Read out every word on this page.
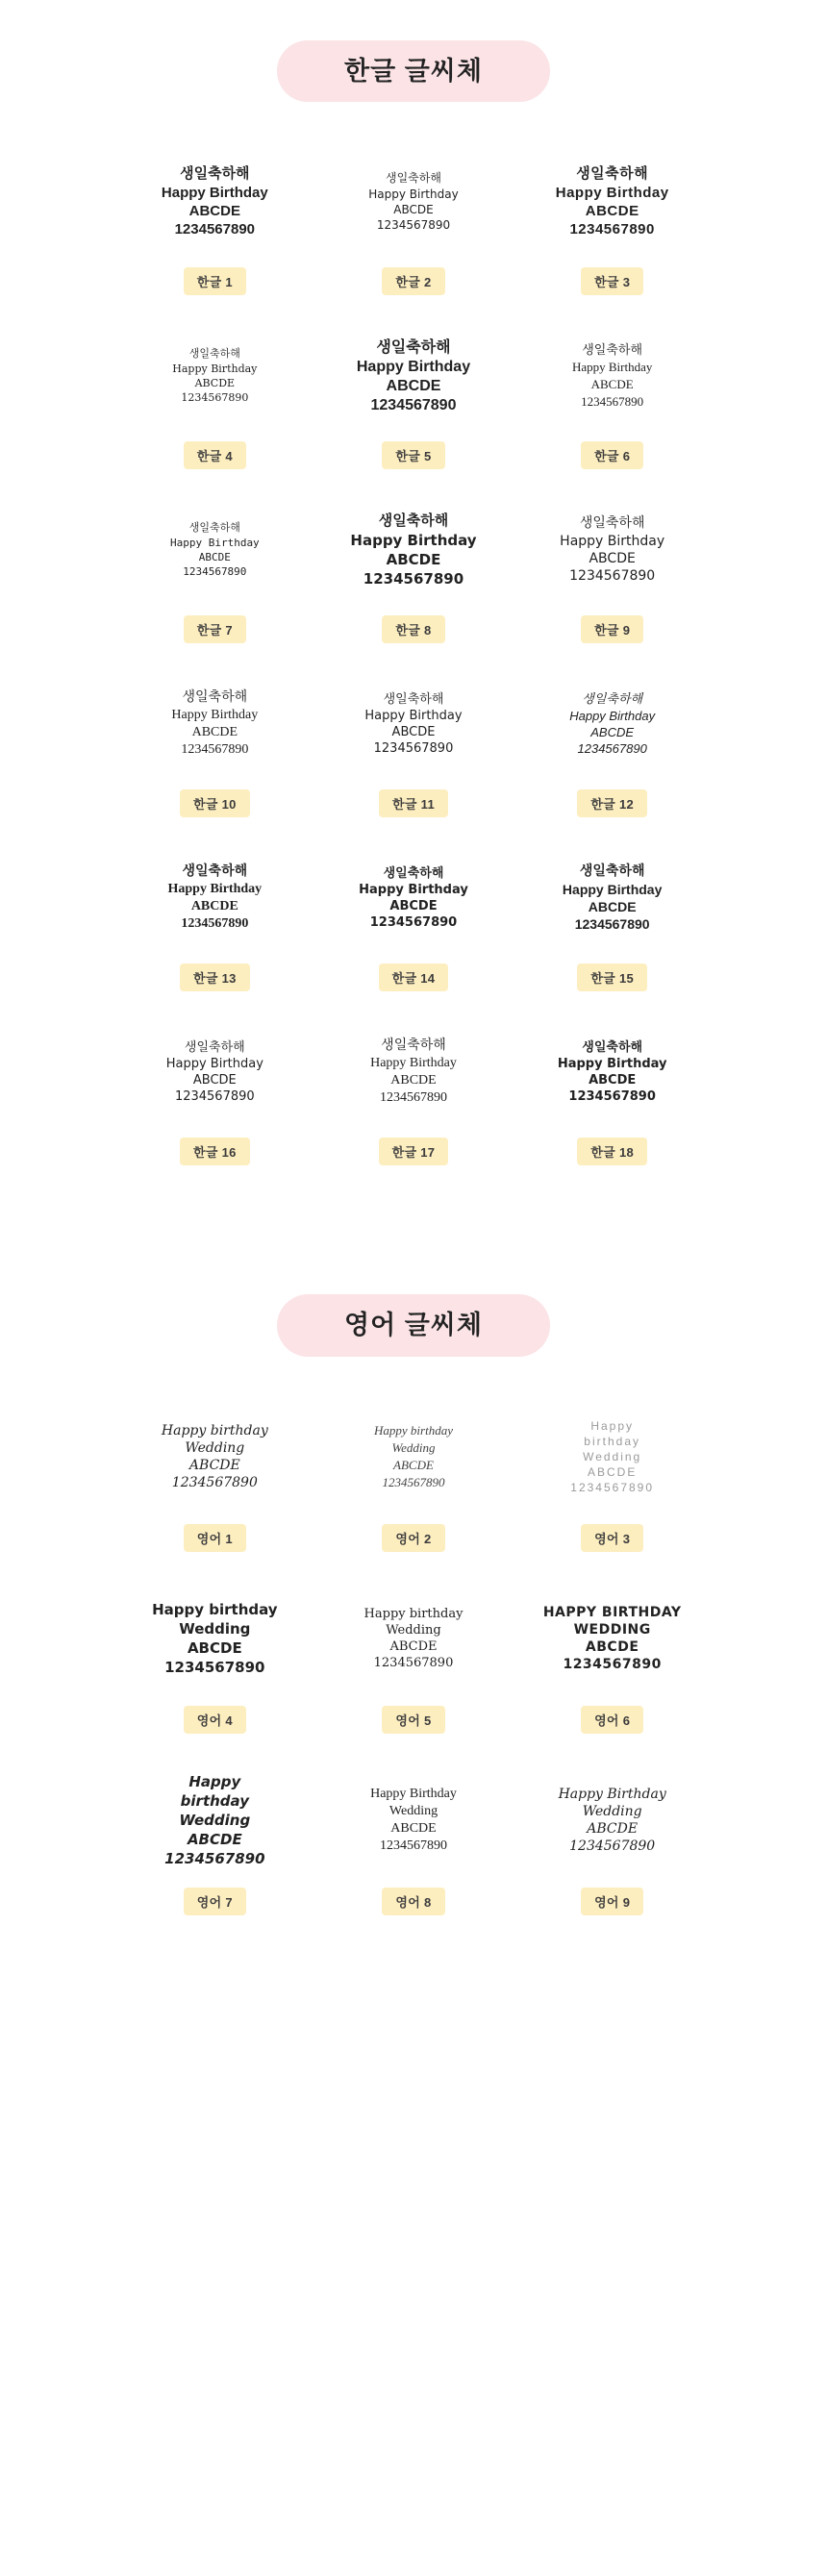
한글 글씨체
생일축하해
Happy Birthday
ABCDE
1234567890
한글 1
생일축하해
Happy Birthday
ABCDE
1234567890
한글 2
생일축하해
Happy Birthday
ABCDE
1234567890
한글 3
생일축하해
Happy Birthday
ABCDE
1234567890
한글 4
생일축하해
Happy Birthday
ABCDE
1234567890
한글 5
생일축하해
Happy Birthday
ABCDE
1234567890
한글 6
생일축하해
Happy Birthday
ABCDE
1234567890
한글 7
생일축하해
Happy Birthday
ABCDE
1234567890
한글 8
생일축하해
Happy Birthday
ABCDE
1234567890
한글 9
생일축하해
Happy Birthday
ABCDE
1234567890
한글 10
생일축하해
Happy Birthday
ABCDE
1234567890
한글 11
생일축하해
Happy Birthday
ABCDE
1234567890
한글 12
생일축하해
Happy Birthday
ABCDE
1234567890
한글 13
생일축하해
Happy Birthday
ABCDE
1234567890
한글 14
생일축하해
Happy Birthday
ABCDE
1234567890
한글 15
생일축하해
Happy Birthday
ABCDE
1234567890
한글 16
생일축하해
Happy Birthday
ABCDE
1234567890
한글 17
생일축하해
Happy Birthday
ABCDE
1234567890
한글 18
영어 글씨체
Happy birthday
Wedding
ABCDE
1234567890
영어 1
Happy birthday
Wedding
ABCDE
1234567890
영어 2
Happy
birthday
Wedding
ABCDE
1234567890
영어 3
Happy birthday
Wedding
ABCDE
1234567890
영어 4
Happy birthday
Wedding
ABCDE
1234567890
영어 5
HAPPY BIRTHDAY
WEDDING
ABCDE
1234567890
영어 6
Happy
birthday
Wedding
ABCDE
1234567890
영어 7
Happy Birthday
Wedding
ABCDE
1234567890
영어 8
Happy Birthday
Wedding
ABCDE
1234567890
영어 9
